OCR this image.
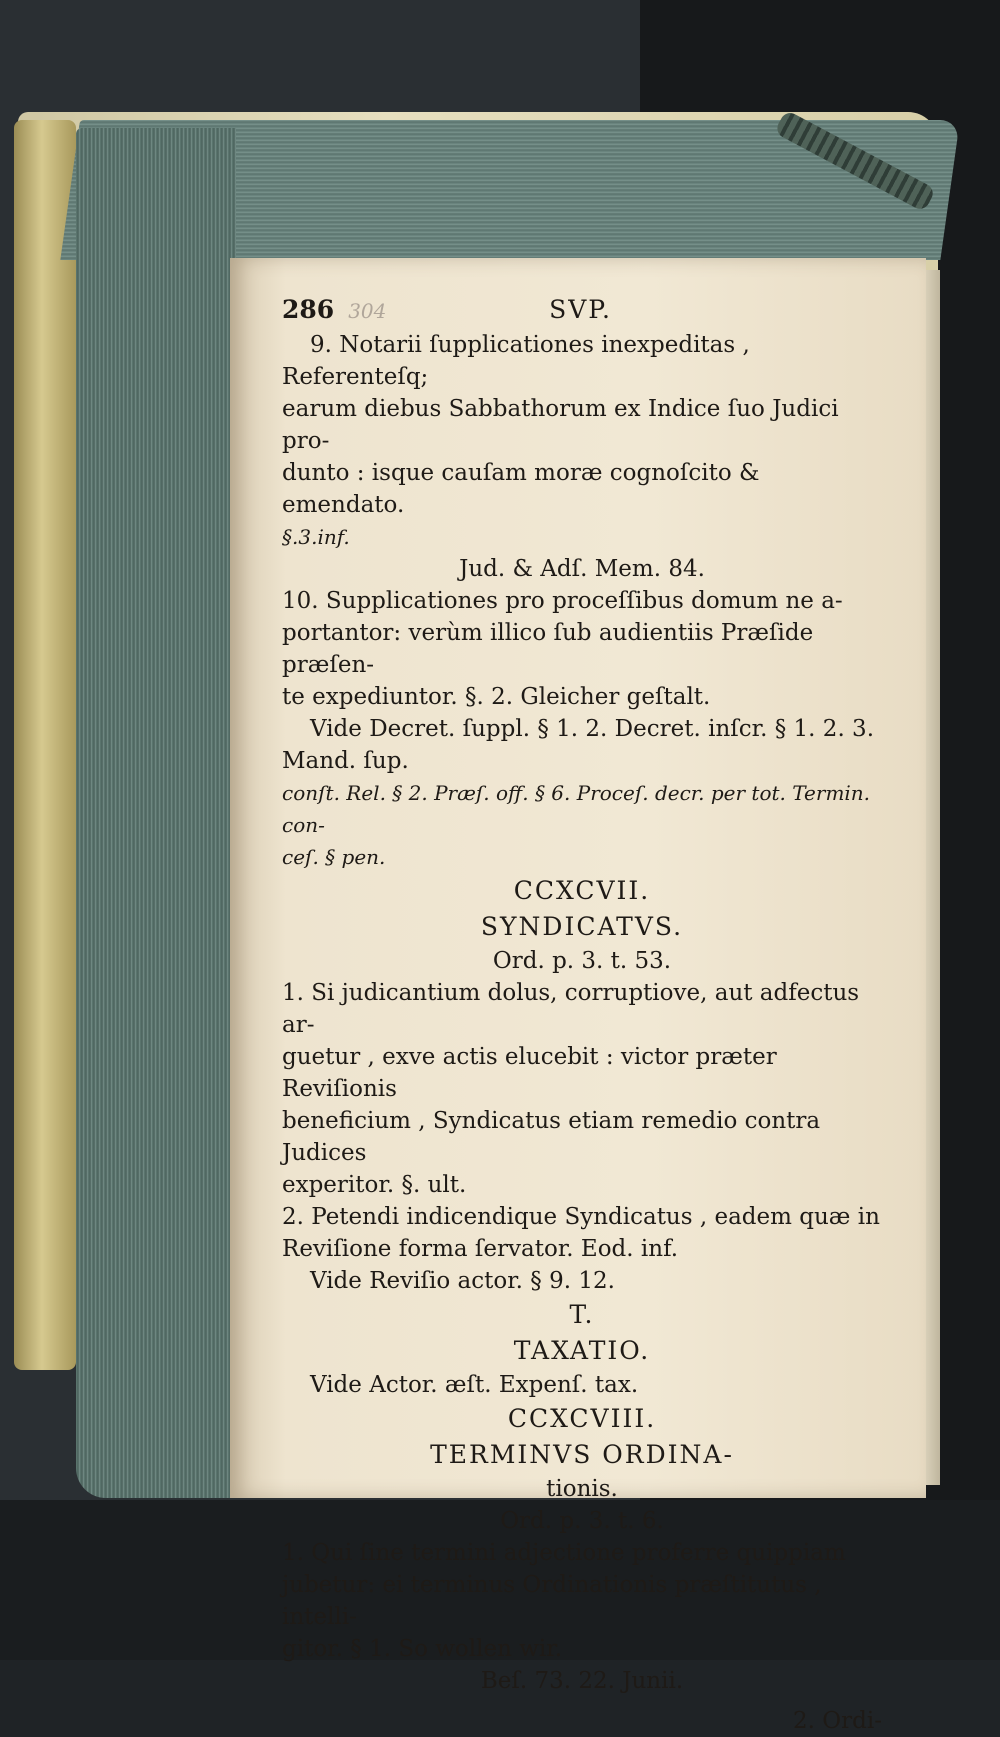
286 304	SVP.

9. Notarii ſupplicationes inexpeditas , Referenteſq;

earum diebus Sabbathorum ex Indice ſuo Judici pro-

dunto : isque cauſam moræ cognoſcito & emendato.

§.3.inf.

Jud. & Adſ. Mem. 84.

10. Supplicationes pro proceſſibus domum ne a-

portantor: verùm illico ſub audientiis Præſide præſen-

te expediuntor. §. 2. Gleicher geſtalt.

Vide Decret. ſuppl. § 1. 2. Decret. inſcr. § 1. 2. 3. Mand. ſup.

conſt. Rel. § 2. Præſ. off. § 6. Proceſ. decr. per tot. Termin. con-

ceſ. § pen.

CCXCVII.

SYNDICATVS.

Ord. p. 3. t. 53.

1. Si judicantium dolus, corruptiove, aut adfectus ar-

guetur , exve actis elucebit : victor præter Reviſionis

beneficium , Syndicatus etiam remedio contra Judices

experitor. §. ult.

2. Petendi indicendique Syndicatus , eadem quæ in

Reviſione forma ſervator. Eod. inf.

Vide Reviſio actor. § 9. 12.

T.

TAXATIO.

Vide Actor. æſt. Expenſ. tax.

CCXCVIII.

TERMINVS ORDINA-

tionis.

Ord. p. 3. t. 6.

1. Qui ſine termini adjectione proferre quippiam

jubetur: ei terminus Ordinationis præſtitutus , intelli-

gitor. § 1. So wollen wir.

Beſ. 73. 22. Junii.

2. Ordi-
